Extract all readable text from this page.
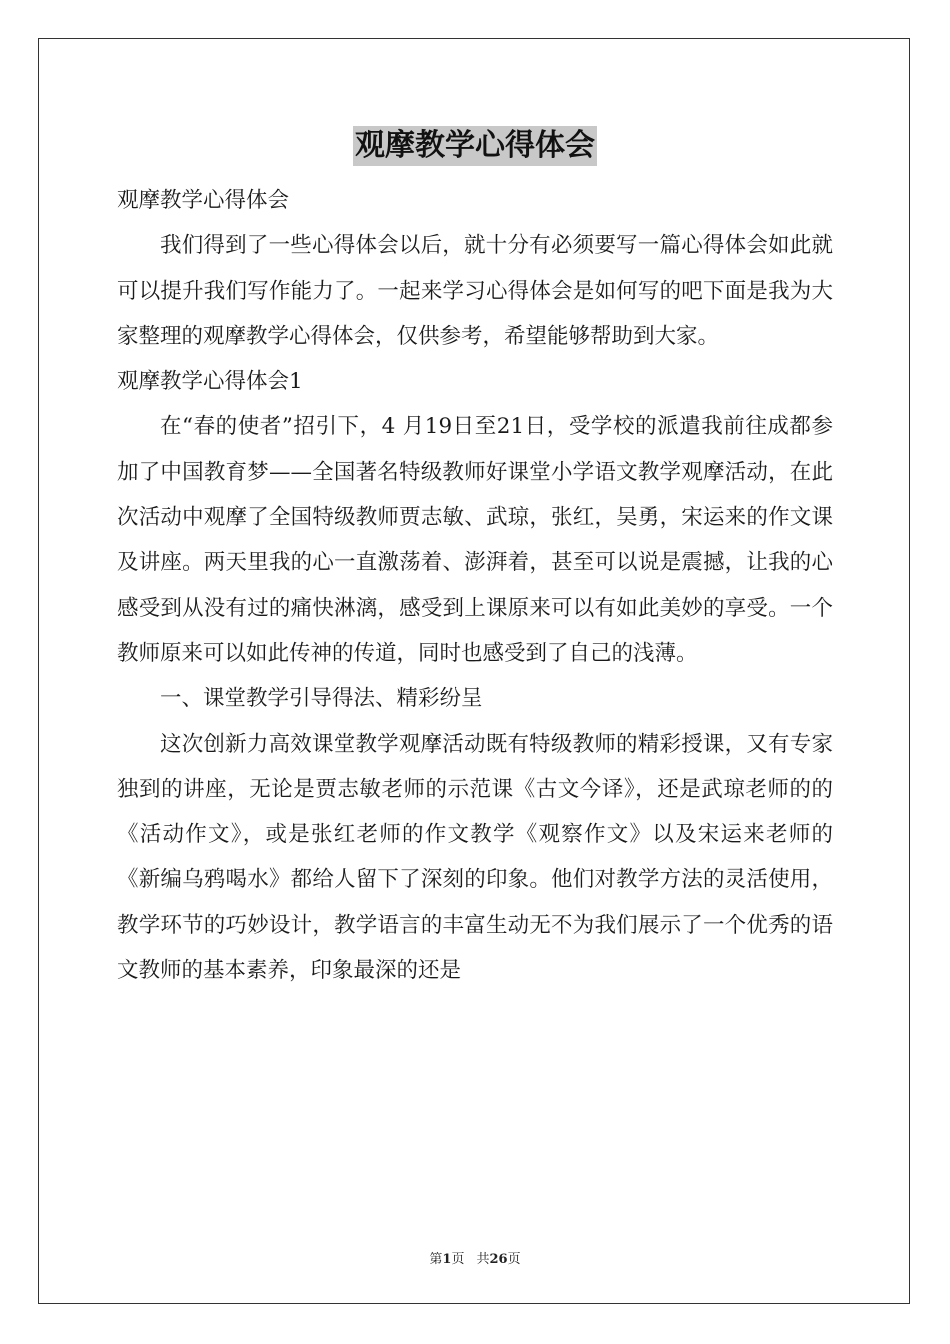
观摩教学心得体会

观摩教学心得体会

我们得到了一些心得体会以后，就十分有必须要写一篇心得体会如此就可以提升我们写作能力了。一起来学习心得体会是如何写的吧下面是我为大家整理的观摩教学心得体会，仅供参考，希望能够帮助到大家。

观摩教学心得体会1

在“春的使者”招引下，4 月19日至21日，受学校的派遣我前往成都参加了中国教育梦——全国著名特级教师好课堂小学语文教学观摩活动，在此次活动中观摩了全国特级教师贾志敏、武琼，张红，吴勇，宋运来的作文课及讲座。两天里我的心一直激荡着、澎湃着，甚至可以说是震撼，让我的心感受到从没有过的痛快淋漓，感受到上课原来可以有如此美妙的享受。一个教师原来可以如此传神的传道，同时也感受到了自己的浅薄。

一、课堂教学引导得法、精彩纷呈

这次创新力高效课堂教学观摩活动既有特级教师的精彩授课，又有专家独到的讲座，无论是贾志敏老师的示范课《古文今译》，还是武琼老师的的《活动作文》，或是张红老师的作文教学《观察作文》以及宋运来老师的《新编乌鸦喝水》都给人留下了深刻的印象。他们对教学方法的灵活使用，教学环节的巧妙设计，教学语言的丰富生动无不为我们展示了一个优秀的语文教师的基本素养，印象最深的还是

第1页 共26页
